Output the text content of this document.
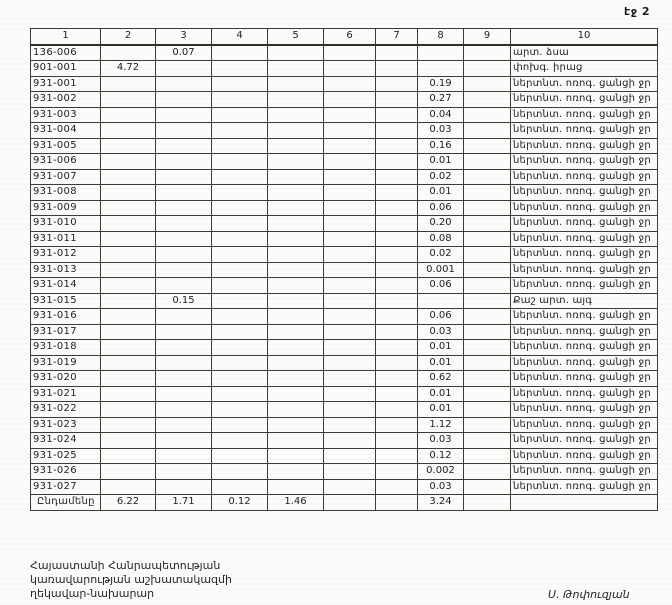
էջ 2
1	2	3	4	5	6	7	8	9	10
136-006		0.07							արտ. ձսա
901-001	4.72								փոխգ. իրաց
931-001							0.19		ներտնտ. ոռոգ. ցանցի ջր
931-002							0.27		ներտնտ. ոռոգ. ցանցի ջր
931-003							0.04		ներտնտ. ոռոգ. ցանցի ջր
931-004							0.03		ներտնտ. ոռոգ. ցանցի ջր
931-005							0.16		ներտնտ. ոռոգ. ցանցի ջր
931-006							0.01		ներտնտ. ոռոգ. ցանցի ջր
931-007							0.02		ներտնտ. ոռոգ. ցանցի ջր
931-008							0.01		ներտնտ. ոռոգ. ցանցի ջր
931-009							0.06		ներտնտ. ոռոգ. ցանցի ջր
931-010							0.20		ներտնտ. ոռոգ. ցանցի ջր
931-011							0.08		ներտնտ. ոռոգ. ցանցի ջր
931-012							0.02		ներտնտ. ոռոգ. ցանցի ջր
931-013							0.001		ներտնտ. ոռոգ. ցանցի ջր
931-014							0.06		ներտնտ. ոռոգ. ցանցի ջր
931-015		0.15							Քաշ արտ. այգ
931-016							0.06		ներտնտ. ոռոգ. ցանցի ջր
931-017							0.03		ներտնտ. ոռոգ. ցանցի ջր
931-018							0.01		ներտնտ. ոռոգ. ցանցի ջր
931-019							0.01		ներտնտ. ոռոգ. ցանցի ջր
931-020							0.62		ներտնտ. ոռոգ. ցանցի ջր
931-021							0.01		ներտնտ. ոռոգ. ցանցի ջր
931-022							0.01		ներտնտ. ոռոգ. ցանցի ջր
931-023							1.12		ներտնտ. ոռոգ. ցանցի ջր
931-024							0.03		ներտնտ. ոռոգ. ցանցի ջր
931-025							0.12		ներտնտ. ոռոգ. ցանցի ջր
931-026							0.002		ներտնտ. ոռոգ. ցանցի ջր
931-027							0.03		ներտնտ. ոռոգ. ցանցի ջր
Ընդամենը	6.22	1.71	0.12	1.46			3.24		
Հայաստանի Հանրապետության
կառավարության աշխատակազմի
ղեկավար-նախարար	Ս. Թոփուզյան
